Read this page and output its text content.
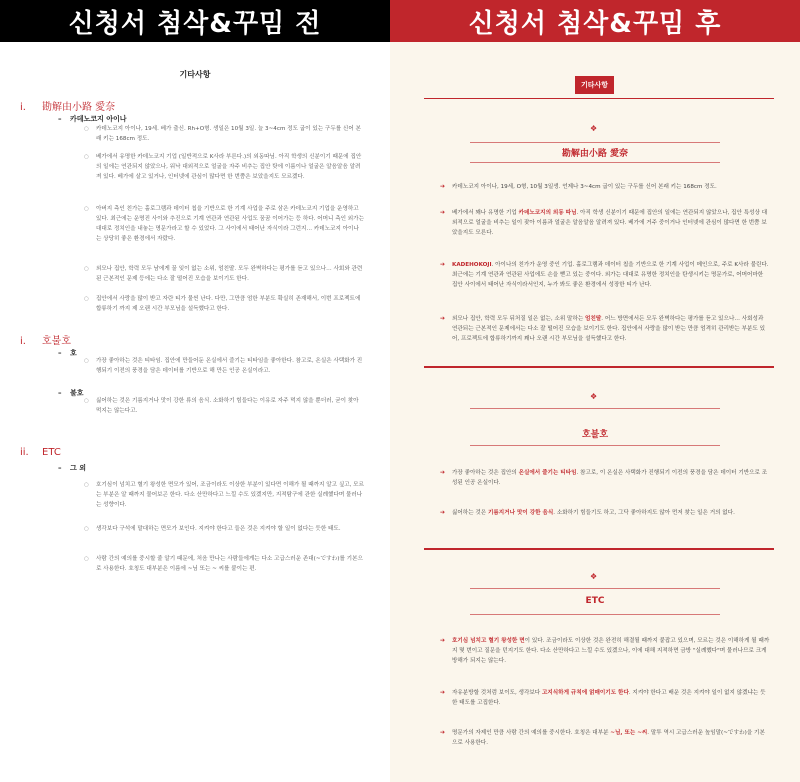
신청서 첨삭&꾸밈 전	신청서 첨삭&꾸밈 후
기타사항
i. 勘解由小路 愛奈
– 카데노코지 아이나
○ 카데노코지 아이나, 19세. 베가 출신. Rh+O형. 생일은 10월 3일. 늘 3~4cm 정도 굽이 있는 구두를 신어 본래 키는 168cm 정도.
○ 베가에서 유명한 카데노코지 기업 (일반적으로 K사라 부른다.)의 외동따님. 아직 학생의 신분이기 때문에 집안의 일에는 연관되지 않았으나, 워낙 대외적으로 얼굴을 자주 비추는 집안 탓에 이름이나 얼굴은 알음알음 알려져 있다. 베가에 살고 있거나, 인터넷에 관심이 많다면 한 번쯤은 보았을지도 모르겠다.
○ 아버지 측인 친가는 홀로그램과 데이터 칩을 기반으로 한 기계 사업을 주로 삼은 카데노코지 기업을 운영하고 있다. 최근에는 운명진 사이와 추진으로 기계 연관과 연관된 사업도 꿈꿈 이어가는 등 하다. 어머니 측인 외가는 대대로 정치인을 내놓는 명문가라고 할 수 있었다. 그 사이에서 태어난 자식이라 그런지… 카데노코지 아이나는 상당히 좋은 환경에서 자랐다.
○ 외모나 집안, 학력 모두 남에게 꿀 잊이 없는 소위, 엄친딸. 모두 완벽하다는 평가를 듣고 있으나… 사회와 관련된 근본적인 문제 등에는 다소 잘 떨어진 모습을 보이기도 한다.
○ 집안에서 사랑을 많이 받고 자란 티가 물씬 난다. 다만, 그만큼 엄한 부분도 확실히 존재해서, 이번 프로젝트에 합류하기 까지 제 오랜 시간 부모님을 설득했다고 한다.
i. 호불호
– 호
○ 가장 좋아하는 것은 티타임. 집안에 만들어둔 온실에서 즐기는 티타임을 좋아한다. 참고로, 온실은 사택화가 진행되기 이전의 풍경을 담은 데이터를 기반으로 해 만든 인공 온실이라고.
– 불호
○ 싫어하는 것은 기름지거나 맛이 강한 류의 음식. 소화하기 힘들다는 이유로 자주 먹지 않을 뿐더러, 굳이 찾아 먹지는 않는다고.
ii. ETC
– 그 외
○ 호기심이 넘치고 혈기 왕성한 면모가 있어, 조금이라도 이상한 부분이 있다면 이해가 될 때까지 알고 싶고, 모르는 부분은 알 때까지 물어보곤 한다. 다소 산만하다고 느낄 수도 있겠지만, 지적탐구에 관한 실례했다며 물러나는 성향이다.
○ 생각보다 구석에 말대하는 면모가 보인다. 지켜야 한다고 들은 것은 지켜야 할 일이 없다는 듯한 태도.
○ 사람 간의 예의를 중시할 줄 알기 때문에, 처음 만나는 사람들에게는 다소 고급스러운 존대(~ですわ)를 기본으로 사용한다. 호칭도 대부분은 이름에 ~님 또는 ~ 씨를 붙이는 편.
기타사항
❖
勘解由小路 愛奈
➔ 카데노코지 아이나, 19세, O형, 10월 3일생. 언제나 3~4cm 굽이 있는 구두를 신어 본래 키는 168cm 정도.
➔ 베가에서 꽤나 유명한 기업 카데노코지의 외동 따님. 아직 학생 신분이기 때문에 집안의 일에는 연관되지 않았으나, 집안 특성상 대외적으로 얼굴을 비추는 일이 잦아 이름과 얼굴은 알음알음 알려져 있다. 베가에 거주 중이거나 인터넷에 관심이 많다면 한 번쯤 보았을지도 모른다.
➔ KADEHOKOJI. 아이나의 친가가 운영 중인 기업. 홀로그램과 데이터 칩을 기반으로 한 기계 사업이 메인으로, 주로 K사라 불린다. 최근에는 기계 연관과 연관된 사업에도 손을 뻗고 있는 중이다. 외가는 대대로 유명한 정치인을 탄생시키는 명문가로, 어머어마한 집안 사이에서 태어난 자식이라서인지, 누가 봐도 좋은 환경에서 성장한 티가 난다.
➔ 외모나 집안, 학력 모두 뒤처질 일은 없는, 소위 말하는 엄친딸. 어느 방면에서든 모두 완벽하다는 평가를 듣고 있으나… 사회성과 연관되는 근본적인 문제에서는 다소 잘 떨어진 모습을 보이기도 한다. 집안에서 사랑을 많이 받는 만큼 엄격히 관리받는 부분도 있어, 프로젝트에 합류하기까지 꽤나 오랜 시간 부모님을 설득했다고 한다.
❖
호불호
➔ 가장 좋아하는 것은 집안의 온실에서 즐기는 티타임. 참고로, 이 온실은 사택화가 진행되기 이전의 풍경을 담은 데이터 기반으로 조성된 인공 온실이다.
➔ 싫어하는 것은 기름지거나 맛이 강한 음식. 소화하기 힘들기도 하고, 그닥 좋아하지도 않아 먼저 찾는 일은 거의 없다.
❖
ETC
➔ 호기심 넘치고 혈기 왕성한 면이 있다. 조금이라도 이상한 것은 완전히 해결될 때까지 붙잡고 있으며, 모르는 것은 이해하게 될 때까지 몇 번이고 질문을 던지기도 한다. 다소 산만하다고 느낄 수도 있겠으나, 이에 대해 지적하면 금방 "실례했다"며 물러나므로 크게 방해가 되지는 않는다.
➔ 자유분방할 것처럼 보이도, 생각보다 고지식하게 규칙에 얽매이기도 한다. 지켜야 한다고 배운 것은 지켜야 일이 없지 않겠냐는 듯한 태도를 고집한다.
➔ 명문가의 자제인 만큼 사람 간의 예의를 중시한다. 호칭은 대부분 ~님, 또는 ~씨. 말투 역시 고급스러운 높임말(~ですわ)을 기본으로 사용한다.
